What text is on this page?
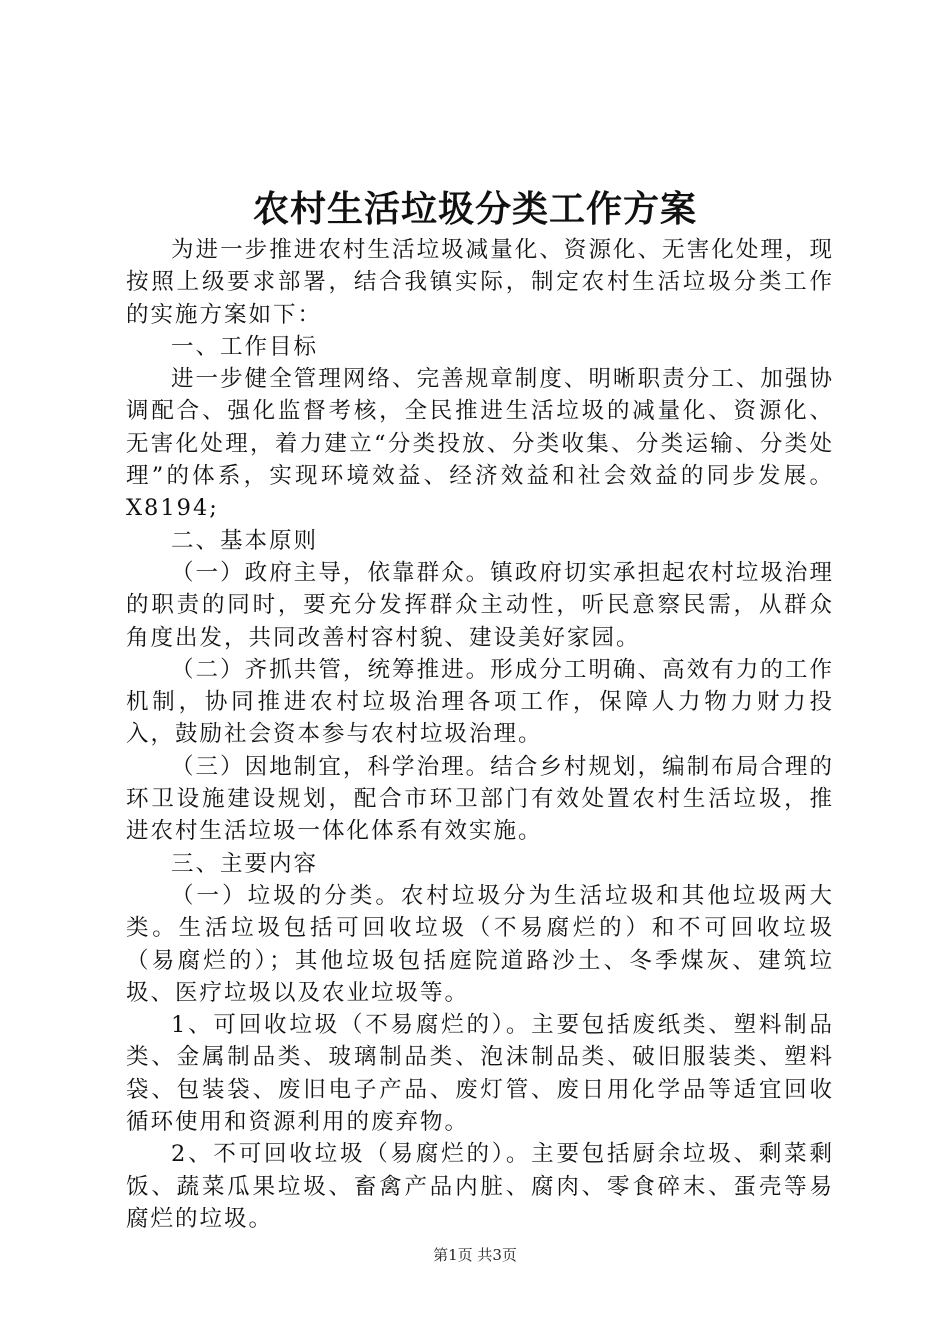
农村生活垃圾分类工作方案

为进一步推进农村生活垃圾减量化、资源化、无害化处理，现按照上级要求部署，结合我镇实际，制定农村生活垃圾分类工作的实施方案如下：

一、工作目标

进一步健全管理网络、完善规章制度、明晰职责分工、加强协调配合、强化监督考核，全民推进生活垃圾的减量化、资源化、无害化处理，着力建立“分类投放、分类收集、分类运输、分类处理”的体系，实现环境效益、经济效益和社会效益的同步发展。X8194;

二、基本原则

（一）政府主导，依靠群众。镇政府切实承担起农村垃圾治理的职责的同时，要充分发挥群众主动性，听民意察民需，从群众角度出发，共同改善村容村貌、建设美好家园。

（二）齐抓共管，统筹推进。形成分工明确、高效有力的工作机制，协同推进农村垃圾治理各项工作，保障人力物力财力投入，鼓励社会资本参与农村垃圾治理。

（三）因地制宜，科学治理。结合乡村规划，编制布局合理的环卫设施建设规划，配合市环卫部门有效处置农村生活垃圾，推进农村生活垃圾一体化体系有效实施。

三、主要内容

（一）垃圾的分类。农村垃圾分为生活垃圾和其他垃圾两大类。生活垃圾包括可回收垃圾（不易腐烂的）和不可回收垃圾（易腐烂的）；其他垃圾包括庭院道路沙土、冬季煤灰、建筑垃圾、医疗垃圾以及农业垃圾等。

1、可回收垃圾（不易腐烂的）。主要包括废纸类、塑料制品类、金属制品类、玻璃制品类、泡沫制品类、破旧服装类、塑料袋、包装袋、废旧电子产品、废灯管、废日用化学品等适宜回收循环使用和资源利用的废弃物。

2、不可回收垃圾（易腐烂的）。主要包括厨余垃圾、剩菜剩饭、蔬菜瓜果垃圾、畜禽产品内脏、腐肉、零食碎末、蛋壳等易腐烂的垃圾。

第1页 共3页
